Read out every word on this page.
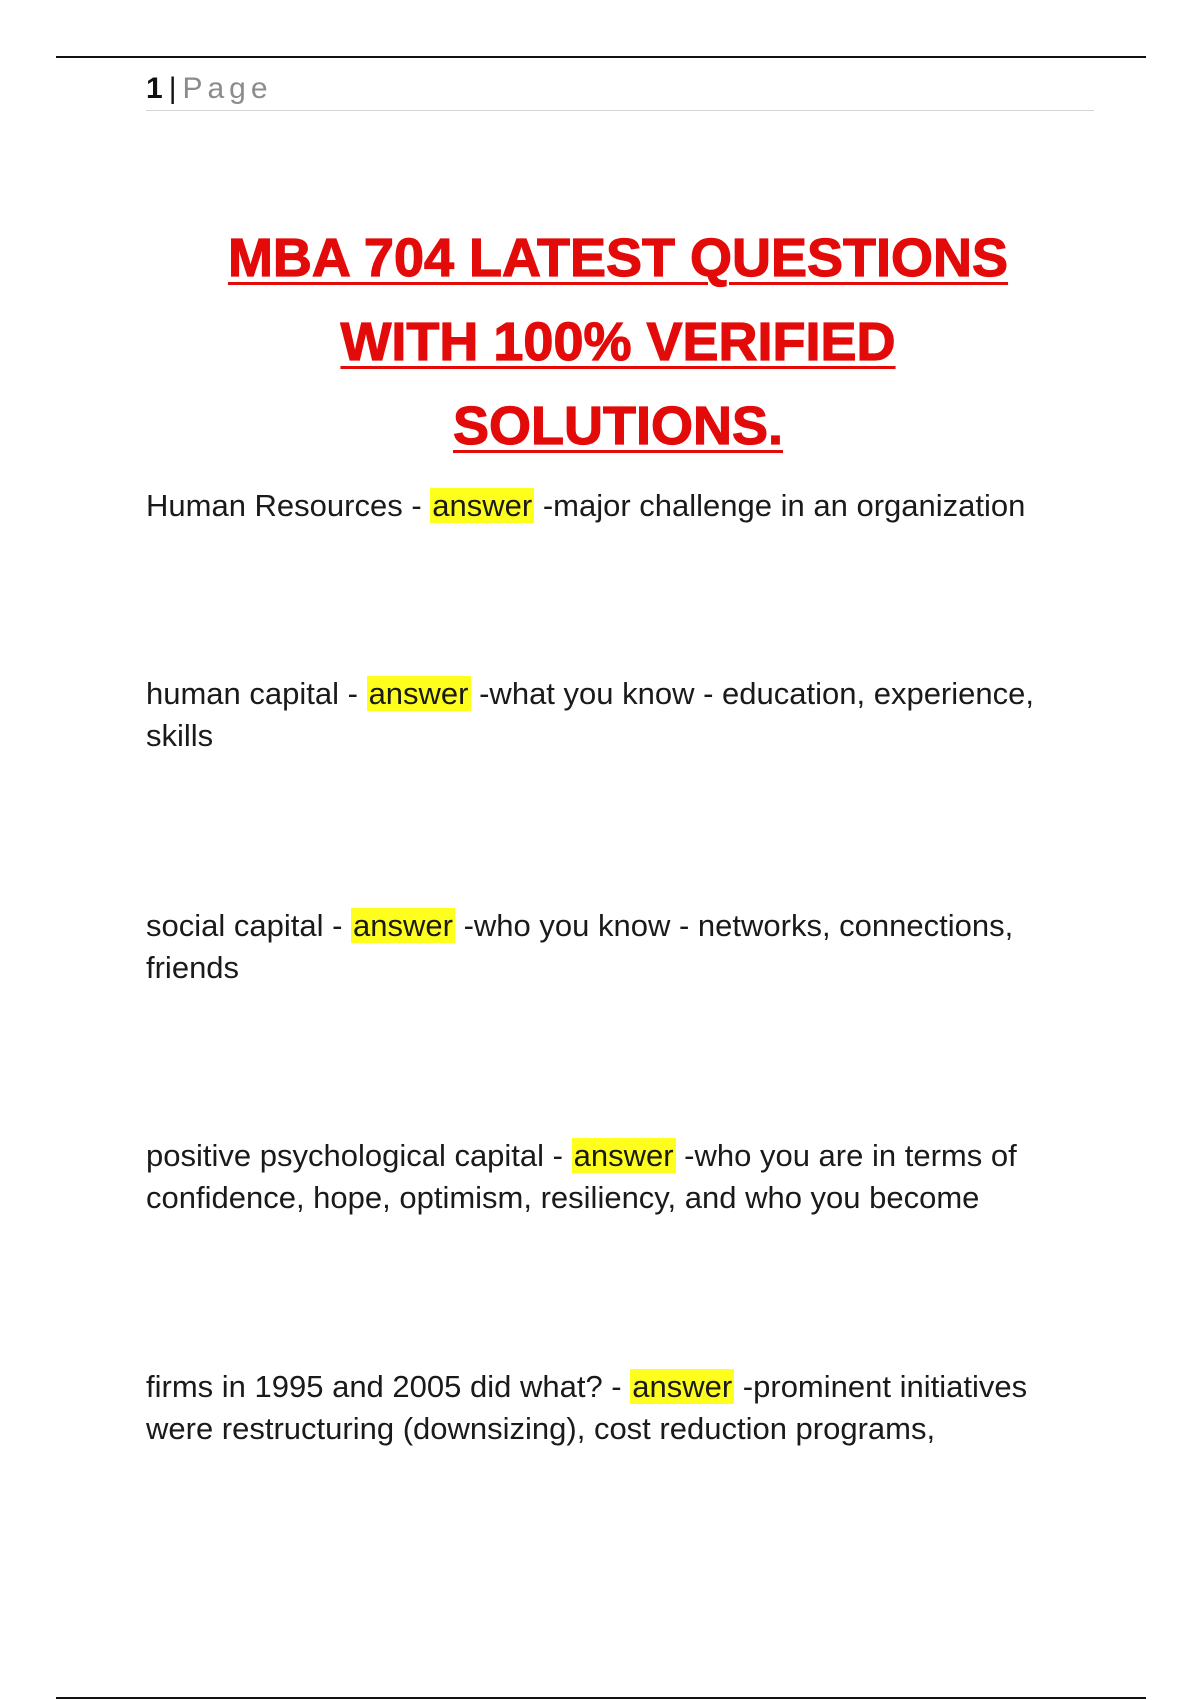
1 | Page
MBA 704 LATEST QUESTIONS
WITH 100% VERIFIED
SOLUTIONS.
Human Resources - answer -major challenge in an organization
human capital - answer -what you know - education, experience, skills
social capital - answer -who you know - networks, connections, friends
positive psychological capital - answer -who you are in terms of confidence, hope, optimism, resiliency, and who you become
firms in 1995 and 2005 did what? - answer -prominent initiatives were restructuring (downsizing), cost reduction programs,
